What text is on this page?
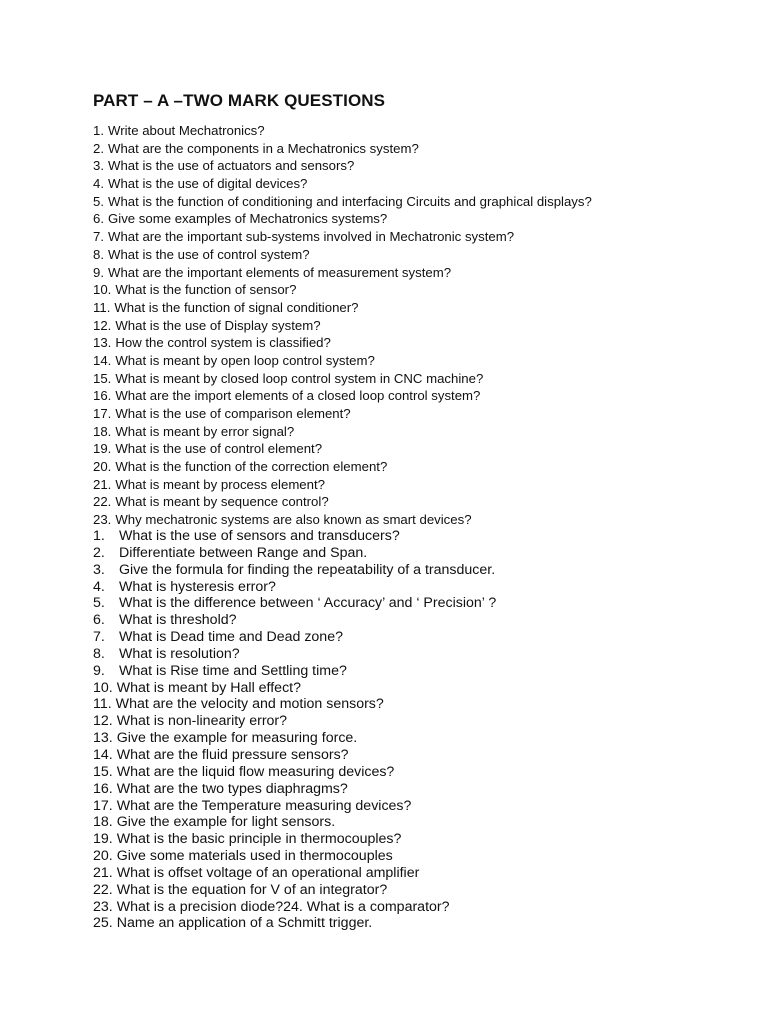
PART – A –TWO MARK QUESTIONS
1. Write about Mechatronics?
2. What are the components in a Mechatronics system?
3. What is the use of actuators and sensors?
4. What is the use of digital devices?
5. What is the function of conditioning and interfacing Circuits and graphical displays?
6. Give some examples of Mechatronics systems?
7. What are the important sub-systems involved in Mechatronic system?
8. What is the use of control system?
9. What are the important elements of measurement system?
10. What is the function of sensor?
11. What is the function of signal conditioner?
12. What is the use of Display system?
13. How the control system is classified?
14. What is meant by open loop control system?
15. What is meant by closed loop control system in CNC machine?
16. What are the import elements of a closed loop control system?
17. What is the use of comparison element?
18. What is meant by error signal?
19. What is the use of control element?
20. What is the function of the correction element?
21. What is meant by process element?
22. What is meant by sequence control?
23. Why mechatronic systems are also known as smart devices?
1. What is the use of sensors and transducers?
2. Differentiate between Range and Span.
3. Give the formula for finding the repeatability of a transducer.
4. What is hysteresis error?
5. What is the difference between ‘ Accuracy’ and ‘ Precision’ ?
6. What is threshold?
7. What is Dead time and Dead zone?
8. What is resolution?
9. What is Rise time and Settling time?
10. What is meant by Hall effect?
11. What are the velocity and motion sensors?
12. What is non-linearity error?
13. Give the example for measuring force.
14. What are the fluid pressure sensors?
15. What are the liquid flow measuring devices?
16. What are the two types diaphragms?
17. What are the Temperature measuring devices?
18. Give the example for light sensors.
19. What is the basic principle in thermocouples?
20. Give some materials used in thermocouples
21. What is offset voltage of an operational amplifier
22. What is the equation for V of an integrator?
23. What is a precision diode?24. What is a comparator?
25. Name an application of a Schmitt trigger.
